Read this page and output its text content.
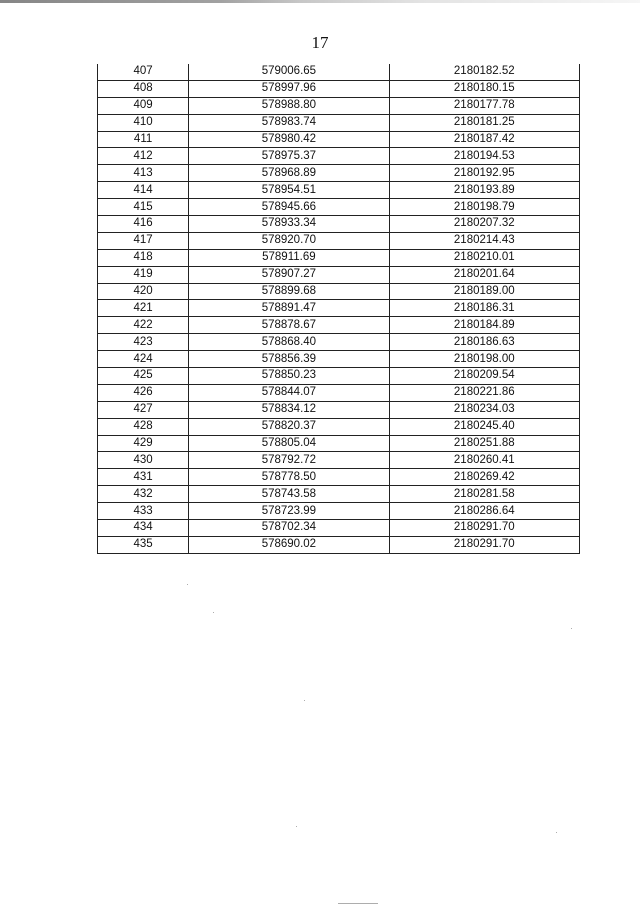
17
407	579006.65	2180182.52
408	578997.96	2180180.15
409	578988.80	2180177.78
410	578983.74	2180181.25
411	578980.42	2180187.42
412	578975.37	2180194.53
413	578968.89	2180192.95
414	578954.51	2180193.89
415	578945.66	2180198.79
416	578933.34	2180207.32
417	578920.70	2180214.43
418	578911.69	2180210.01
419	578907.27	2180201.64
420	578899.68	2180189.00
421	578891.47	2180186.31
422	578878.67	2180184.89
423	578868.40	2180186.63
424	578856.39	2180198.00
425	578850.23	2180209.54
426	578844.07	2180221.86
427	578834.12	2180234.03
428	578820.37	2180245.40
429	578805.04	2180251.88
430	578792.72	2180260.41
431	578778.50	2180269.42
432	578743.58	2180281.58
433	578723.99	2180286.64
434	578702.34	2180291.70
435	578690.02	2180291.70
